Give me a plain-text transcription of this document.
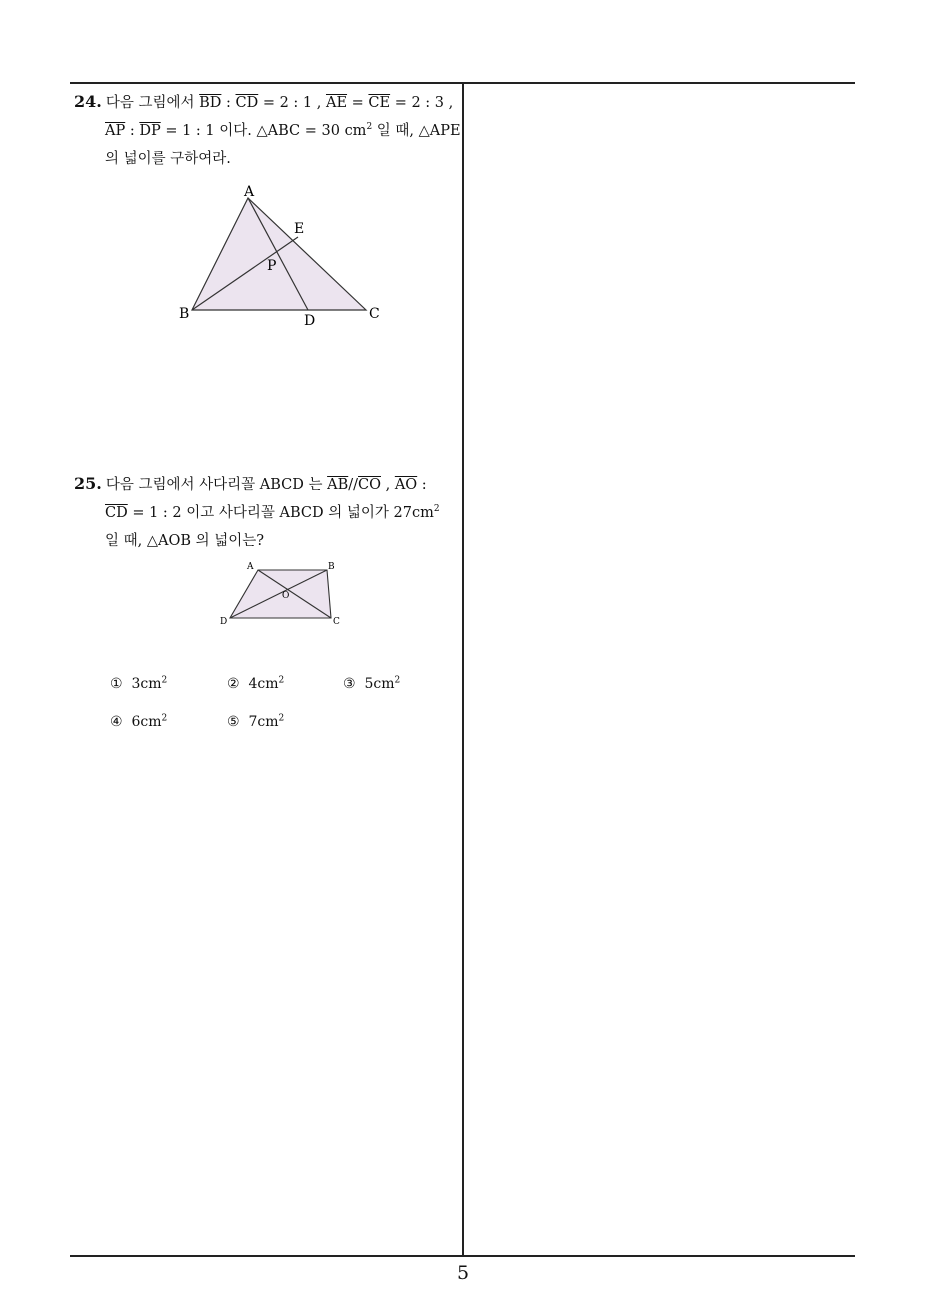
24. 다음 그림에서 $\overline{BD}$ : $\overline{CD} = 2$ : 1 , $\overline{AE} = \overline{CE} = 2$ : 3 ,
$\overline{AP}$ : $\overline{DP} = 1$ : 1 이다. △ABC = 30 $cm^2$ 일 때, △APE
의 넓이를 구하여라.
A
B	C
D
E
P
25. 다음 그림에서 사다리꼴 ABCD 는 $\overline{AB}//\overline{CO}$ , $\overline{AO}$ :
$\overline{CD} = 1$ : 2 이고 사다리꼴 ABCD 의 넓이가 $27cm^2$
일 때, △AOB 의 넓이는?
A	B
C
D
O
① $3cm^2$	② $4cm^2$	③ $5cm^2$
④ $6cm^2$	⑤ $7cm^2$
5
